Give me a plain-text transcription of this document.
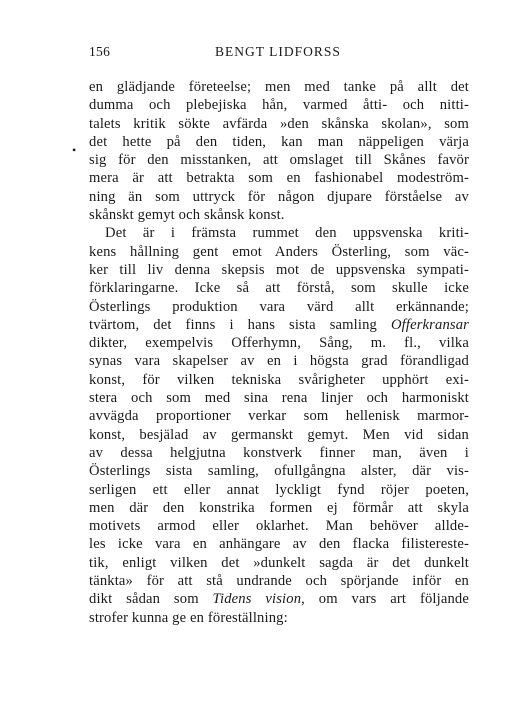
156	BENGT LIDFORSS
•
en glädjande företeelse; men med tanke på allt det
dumma och plebejiska hån, varmed åtti- och nitti-
talets kritik sökte avfärda »den skånska skolan», som
det hette på den tiden, kan man näppeligen värja
sig för den misstanken, att omslaget till Skånes favör
mera är att betrakta som en fashionabel modeström-
ning än som uttryck för någon djupare förståelse av
skånskt gemyt och skånsk konst.
Det är i främsta rummet den uppsvenska kriti-
kens hållning gent emot Anders Österling, som väc-
ker till liv denna skepsis mot de uppsvenska sympati-
förklaringarne. Icke så att förstå, som skulle icke
Österlings produktion vara värd allt erkännande;
tvärtom, det finns i hans sista samling Offerkransar
dikter, exempelvis Offerhymn, Sång, m. fl., vilka
synas vara skapelser av en i högsta grad förandligad
konst, för vilken tekniska svårigheter upphört exi-
stera och som med sina rena linjer och harmoniskt
avvägda proportioner verkar som hellenisk marmor-
konst, besjälad av germanskt gemyt. Men vid sidan
av dessa helgjutna konstverk finner man, även i
Österlings sista samling, ofullgångna alster, där vis-
serligen ett eller annat lyckligt fynd röjer poeten,
men där den konstrika formen ej förmår att skyla
motivets armod eller oklarhet. Man behöver allde-
les icke vara en anhängare av den flacka filistereste-
tik, enligt vilken det »dunkelt sagda är det dunkelt
tänkta» för att stå undrande och spörjande inför en
dikt sådan som Tidens vision, om vars art följande
strofer kunna ge en föreställning:
